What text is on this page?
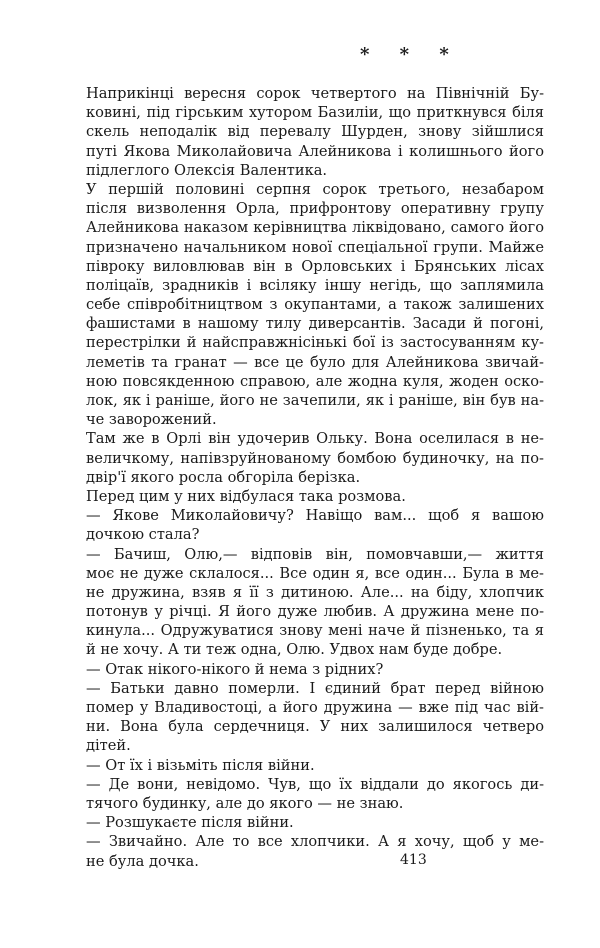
* * *

Наприкінці вересня сорок четвертого на Північній Бу-
ковині, під гірським хутором Базиліи, що приткнувся біля
скель неподалік від перевалу Шурден, знову зійшлися
путі Якова Миколайовича Алейникова і колишнього його
підлеглого Олексія Валентика.

У першій половині серпня сорок третього, незабаром
після визволення Орла, прифронтову оперативну групу
Алейникова наказом керівництва ліквідовано, самого його
призначено начальником нової спеціальної групи. Майже
півроку виловлював він в Орловських і Брянських лісах
поліцаїв, зрадників і всіляку іншу негідь, що заплямила
себе співробітництвом з окупантами, а також залишених
фашистами в нашому тилу диверсантів. Засади й погоні,
перестрілки й найсправжнісінькі бої із застосуванням ку-
леметів та гранат — все це було для Алейникова звичай-
ною повсякденною справою, але жодна куля, жоден оско-
лок, як і раніше, його не зачепили, як і раніше, він був на-
че заворожений.

Там же в Орлі він удочерив Ольку. Вона оселилася в не-
величкому, напівзруйнованому бомбою будиночку, на по-
двір'ї якого росла обгоріла берізка.

Перед цим у них відбулася така розмова.

— Якове Миколайовичу? Навіщо вам... щоб я вашою
дочкою стала?

— Бачиш, Олю,— відповів він, помовчавши,— життя
моє не дуже склалося... Все один я, все один... Була в ме-
не дружина, взяв я її з дитиною. Але... на біду, хлопчик
потонув у річці. Я його дуже любив. А дружина мене по-
кинула... Одружуватися знову мені наче й пізненько, та я
й не хочу. А ти теж одна, Олю. Удвох нам буде добре.

— Отак нікого-нікого й нема з рідних?

— Батьки давно померли. І єдиний брат перед війною
помер у Владивостоці, а його дружина — вже під час вій-
ни. Вона була сердечниця. У них залишилося четверо
дітей.

— От їх і візьміть після війни.

— Де вони, невідомо. Чув, що їх віддали до якогось ди-
тячого будинку, але до якого — не знаю.

— Розшукаєте після війни.

— Звичайно. Але то все хлопчики. А я хочу, щоб у ме-
не була дочка.	413
